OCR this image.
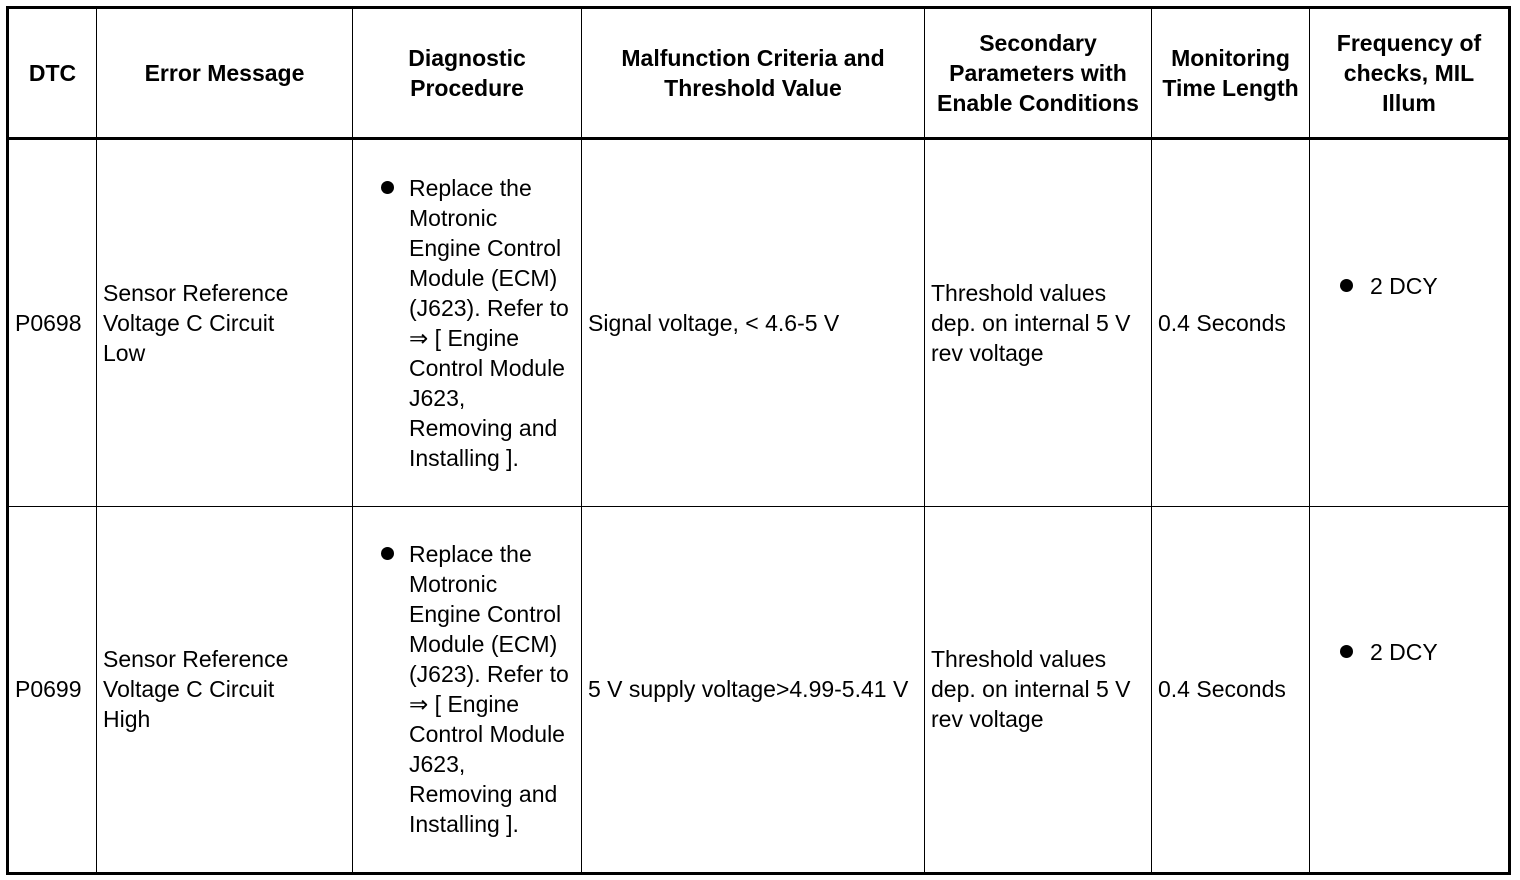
DTC	Error Message	Diagnostic Procedure	Malfunction Criteria and Threshold Value	Secondary Parameters with Enable Conditions	Monitoring Time Length	Frequency of checks, MIL Illum
P0698	Sensor Reference Voltage C Circuit Low	Replace the Motronic Engine Control Module (ECM) (J623). Refer to ⇒ [ Engine Control Module J623, Removing and Installing ].	Signal voltage, < 4.6-5 V	Threshold values dep. on internal 5 V rev voltage	0.4 Seconds	2 DCY

P0699	Sensor Reference Voltage C Circuit High	Replace the Motronic Engine Control Module (ECM) (J623). Refer to ⇒ [ Engine Control Module J623, Removing and Installing ].	5 V supply voltage>4.99-5.41 V	Threshold values dep. on internal 5 V rev voltage	0.4 Seconds	2 DCY
